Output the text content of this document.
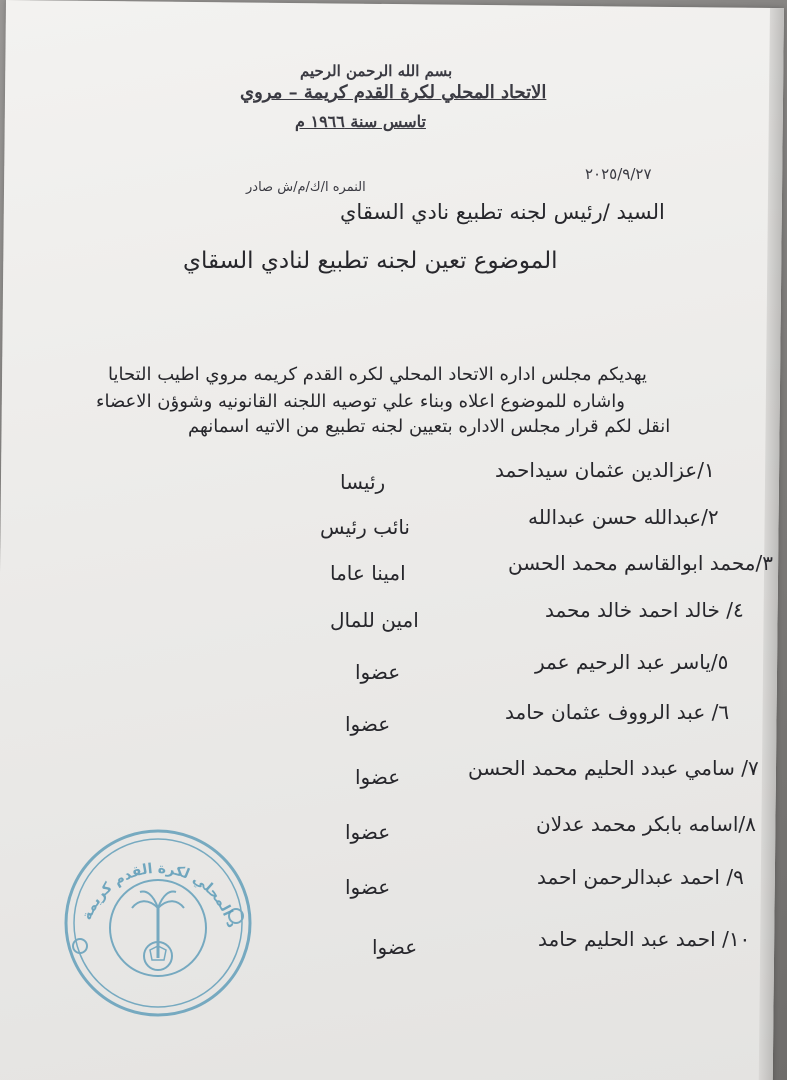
بسم الله الرحمن الرحيم
الاتحاد المحلي لكرة القدم كريمة – مروي
تاسس سنة ١٩٦٦ م
٢٠٢٥/٩/٢٧
النمره ا/ك/م/ش صادر
السيد /رئيس لجنه تطبيع نادي السقاي
الموضوع تعين لجنه تطبيع لنادي السقاي
يهديكم مجلس اداره الاتحاد المحلي لكره القدم كريمه مروي اطيب التحايا
واشاره للموضوع اعلاه وبناء علي توصيه اللجنه القانونيه وشوؤن الاعضاء
انقل لكم قرار مجلس الاداره بتعيين لجنه تطبيع من الاتيه اسمانهم
١/عزالدين عثمان سيداحمد
رئيسا
٢/عبدالله حسن عبدالله
نائب رئيس
٣/محمد ابوالقاسم محمد الحسن
امينا عاما
٤/ خالد احمد خالد محمد
امين للمال
٥/ياسر عبد الرحيم عمر
عضوا
٦/ عبد الرووف عثمان حامد
عضوا
٧/ سامي عبدد الحليم محمد الحسن
عضوا
٨/اسامه بابكر محمد عدلان
عضوا
٩/ احمد عبدالرحمن احمد
عضوا
١٠/ احمد عبد الحليم حامد
عضوا
د المحلي لكرة القدم كريمة
